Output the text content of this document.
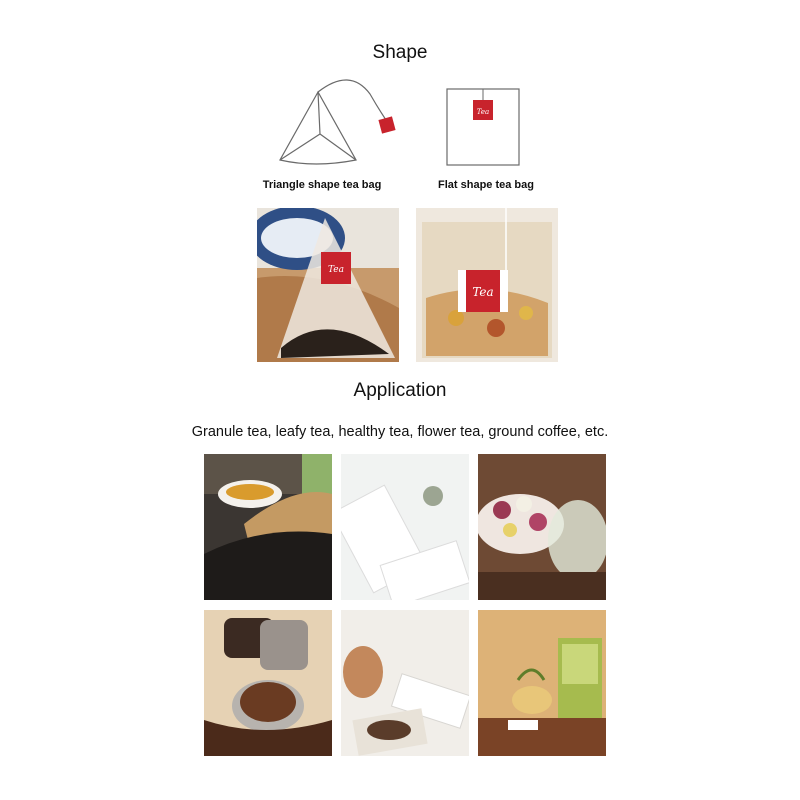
Shape
Tea
Triangle shape tea bag	Flat shape tea bag
Tea
Tea
Application
Granule tea, leafy tea, healthy tea, flower tea, ground coffee, etc.
